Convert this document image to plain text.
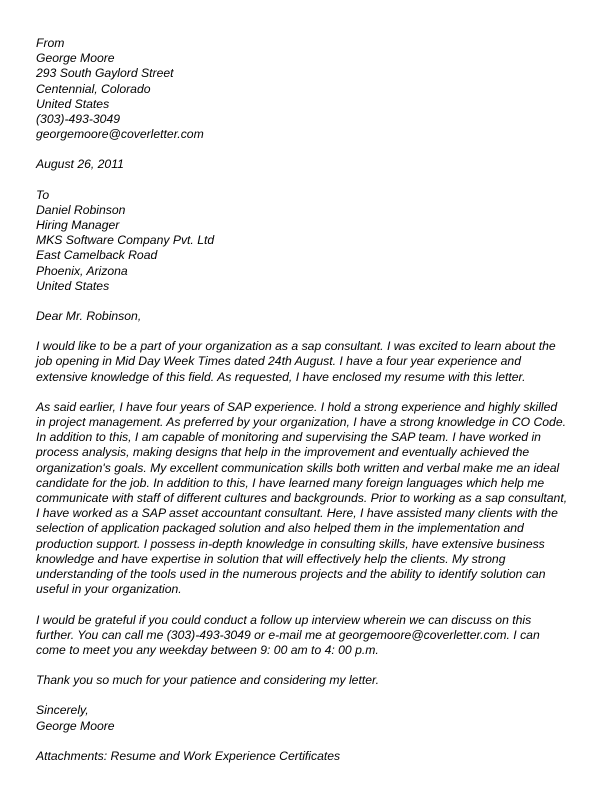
From
George Moore
293 South Gaylord Street
Centennial, Colorado
United States
(303)-493-3049
georgemoore@coverletter.com
August 26, 2011
To
Daniel Robinson
Hiring Manager
MKS Software Company Pvt. Ltd
East Camelback Road
Phoenix, Arizona
United States
Dear Mr. Robinson,
I would like to be a part of your organization as a sap consultant. I was excited to learn about the
job opening in Mid Day Week Times dated 24th August. I have a four year experience and
extensive knowledge of this field. As requested, I have enclosed my resume with this letter.
As said earlier, I have four years of SAP experience. I hold a strong experience and highly skilled
in project management. As preferred by your organization, I have a strong knowledge in CO Code.
In addition to this, I am capable of monitoring and supervising the SAP team. I have worked in
process analysis, making designs that help in the improvement and eventually achieved the
organization's goals. My excellent communication skills both written and verbal make me an ideal
candidate for the job. In addition to this, I have learned many foreign languages which help me
communicate with staff of different cultures and backgrounds. Prior to working as a sap consultant,
I have worked as a SAP asset accountant consultant. Here, I have assisted many clients with the
selection of application packaged solution and also helped them in the implementation and
production support. I possess in-depth knowledge in consulting skills, have extensive business
knowledge and have expertise in solution that will effectively help the clients. My strong
understanding of the tools used in the numerous projects and the ability to identify solution can
useful in your organization.
I would be grateful if you could conduct a follow up interview wherein we can discuss on this
further. You can call me (303)-493-3049 or e-mail me at georgemoore@coverletter.com. I can
come to meet you any weekday between 9: 00 am to 4: 00 p.m.
Thank you so much for your patience and considering my letter.
Sincerely,
George Moore
Attachments: Resume and Work Experience Certificates
